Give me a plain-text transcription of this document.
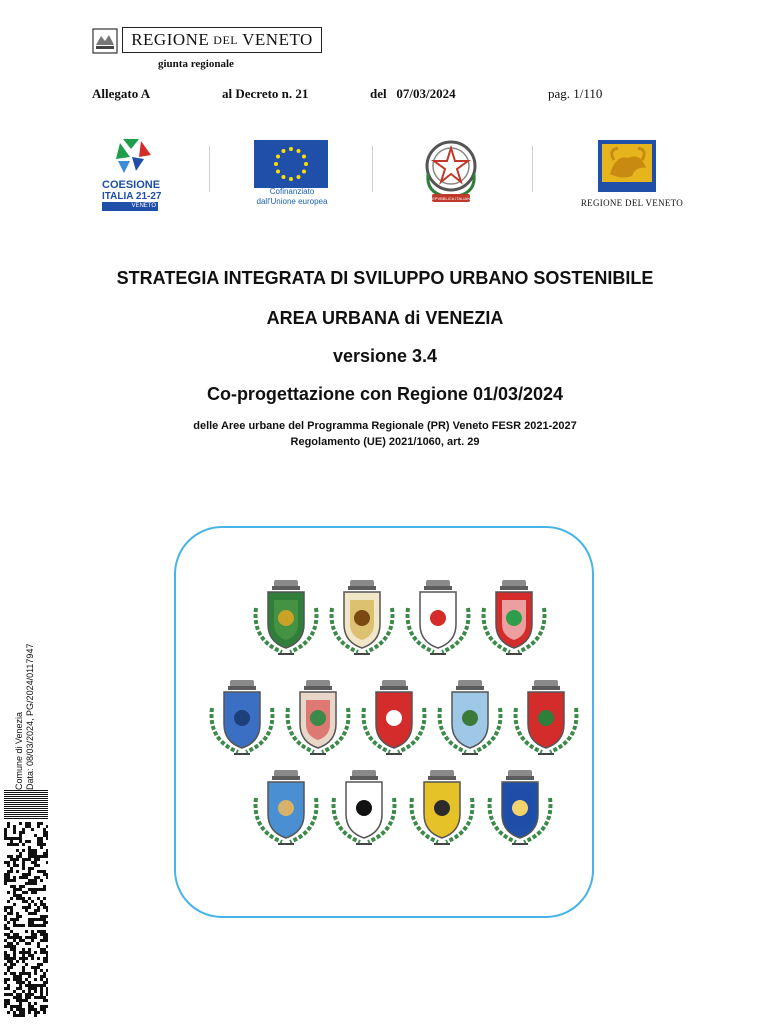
REGIONE DEL VENETO
giunta regionale
Allegato A	al Decreto n. 21	del   07/03/2024	pag. 1/110
COESIONE
ITALIA 21-27
VENETO
Cofinanziato
dall'Unione europea	REPVBBLICA ITALIANA	REGIONE DEL VENETO
STRATEGIA INTEGRATA DI SVILUPPO URBANO SOSTENIBILE
AREA URBANA di VENEZIA
versione 3.4
Co-progettazione con Regione 01/03/2024
delle Aree urbane del Programma Regionale (PR) Veneto FESR 2021-2027
Regolamento (UE) 2021/1060, art. 29
Comune di Venezia Data: 08/03/2024, PG/2024/0117947
